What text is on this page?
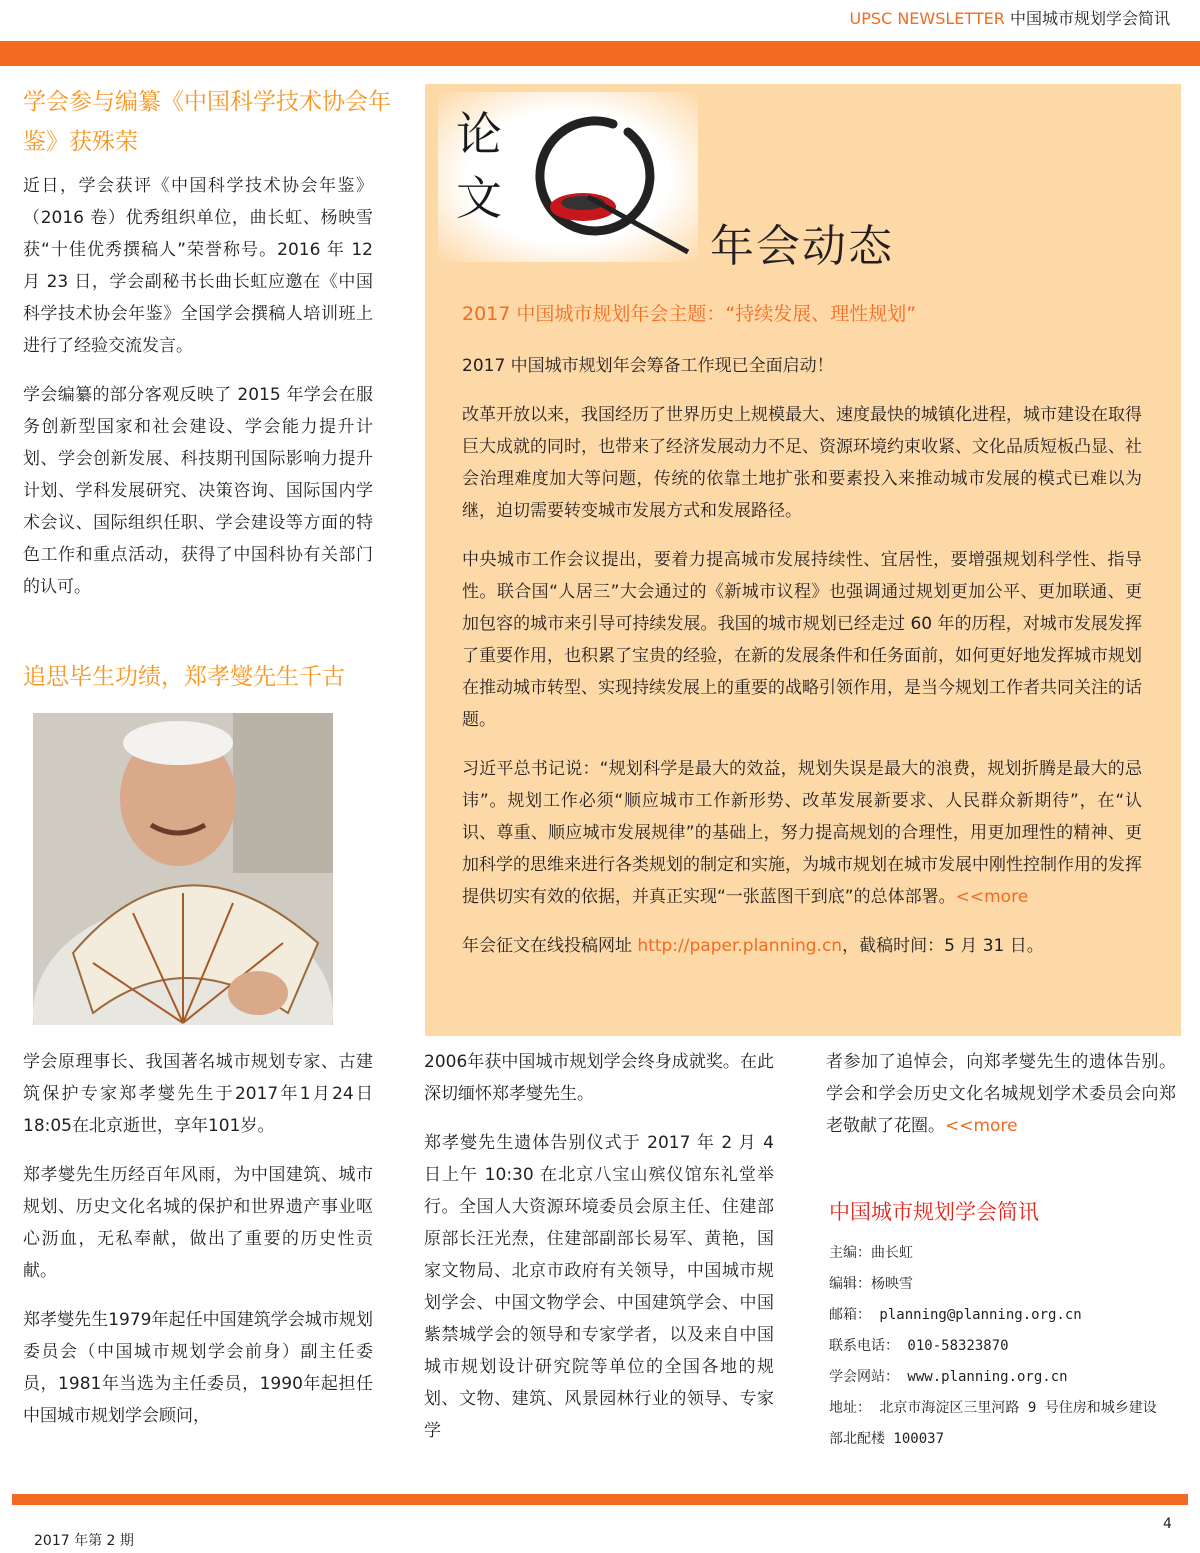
UPSC NEWSLETTER 中国城市规划学会简讯
学会参与编纂《中国科学技术协会年鉴》获殊荣

近日，学会获评《中国科学技术协会年鉴》（2016 卷）优秀组织单位，曲长虹、杨映雪获“十佳优秀撰稿人”荣誉称号。2016 年 12 月 23 日，学会副秘书长曲长虹应邀在《中国科学技术协会年鉴》全国学会撰稿人培训班上进行了经验交流发言。

学会编纂的部分客观反映了 2015 年学会在服务创新型国家和社会建设、学会能力提升计划、学会创新发展、科技期刊国际影响力提升计划、学科发展研究、决策咨询、国际国内学术会议、国际组织任职、学会建设等方面的特色工作和重点活动，获得了中国科协有关部门的认可。

追思毕生功绩，郑孝燮先生千古
论
文
年会动态
2017 中国城市规划年会主题：“持续发展、理性规划”

2017 中国城市规划年会筹备工作现已全面启动！

改革开放以来，我国经历了世界历史上规模最大、速度最快的城镇化进程，城市建设在取得巨大成就的同时，也带来了经济发展动力不足、资源环境约束收紧、文化品质短板凸显、社会治理难度加大等问题，传统的依靠土地扩张和要素投入来推动城市发展的模式已难以为继，迫切需要转变城市发展方式和发展路径。

中央城市工作会议提出，要着力提高城市发展持续性、宜居性，要增强规划科学性、指导性。联合国“人居三”大会通过的《新城市议程》也强调通过规划更加公平、更加联通、更加包容的城市来引导可持续发展。我国的城市规划已经走过 60 年的历程，对城市发展发挥了重要作用，也积累了宝贵的经验，在新的发展条件和任务面前，如何更好地发挥城市规划在推动城市转型、实现持续发展上的重要的战略引领作用，是当今规划工作者共同关注的话题。

习近平总书记说：“规划科学是最大的效益，规划失误是最大的浪费，规划折腾是最大的忌讳”。规划工作必须“顺应城市工作新形势、改革发展新要求、人民群众新期待”，在“认识、尊重、顺应城市发展规律”的基础上，努力提高规划的合理性，用更加理性的精神、更加科学的思维来进行各类规划的制定和实施，为城市规划在城市发展中刚性控制作用的发挥提供切实有效的依据，并真正实现“一张蓝图干到底”的总体部署。<<more

年会征文在线投稿网址 http://paper.planning.cn，截稿时间：5 月 31 日。

学会原理事长、我国著名城市规划专家、古建筑保护专家郑孝燮先生于2017年1月24日18:05在北京逝世，享年101岁。

郑孝燮先生历经百年风雨，为中国建筑、城市规划、历史文化名城的保护和世界遗产事业呕心沥血，无私奉献，做出了重要的历史性贡献。

郑孝燮先生1979年起任中国建筑学会城市规划委员会（中国城市规划学会前身）副主任委员，1981年当选为主任委员，1990年起担任中国城市规划学会顾问，

2006年获中国城市规划学会终身成就奖。在此深切缅怀郑孝燮先生。

郑孝燮先生遗体告别仪式于 2017 年 2 月 4 日上午 10:30 在北京八宝山殡仪馆东礼堂举行。全国人大资源环境委员会原主任、住建部原部长汪光焘，住建部副部长易军、黄艳，国家文物局、北京市政府有关领导，中国城市规划学会、中国文物学会、中国建筑学会、中国紫禁城学会的领导和专家学者，以及来自中国城市规划设计研究院等单位的全国各地的规划、文物、建筑、风景园林行业的领导、专家学

者参加了追悼会，向郑孝燮先生的遗体告别。学会和学会历史文化名城规划学术委员会向郑老敬献了花圈。<<more

中国城市规划学会简讯
主编：曲长虹
编辑：杨映雪
邮箱： planning@planning.org.cn
联系电话： 010-58323870
学会网站： www.planning.org.cn
地址： 北京市海淀区三里河路 9 号住房和城乡建设部北配楼 100037
2017 年第 2 期
4
